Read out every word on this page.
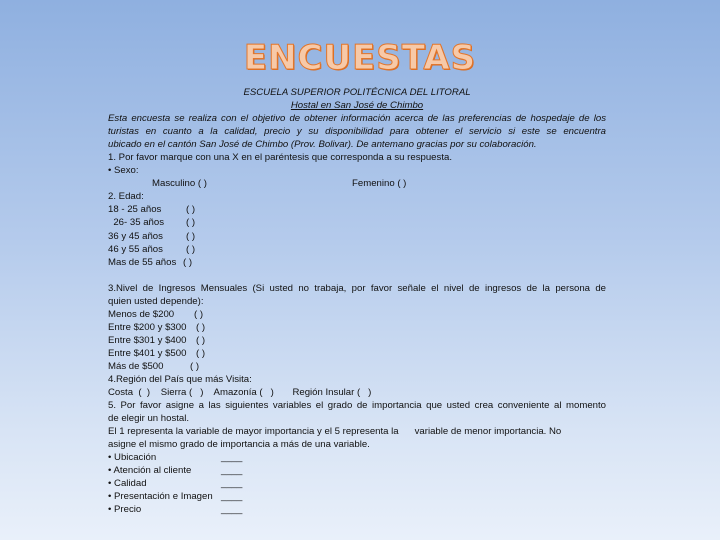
ENCUESTAS
ESCUELA SUPERIOR POLITÉCNICA DEL LITORAL
Hostal en San José de Chimbo
Esta encuesta se realiza con el objetivo de obtener información acerca de las preferencias de hospedaje de los
turistas en cuanto a la calidad, precio y su disponibilidad para obtener el servicio si este se encuentra
ubicado en el cantón San José de Chimbo (Prov. Bolivar). De antemano gracias por su colaboración.
1. Por favor marque con una X en el paréntesis que corresponda a su respuesta.
• Sexo:
Masculino ( )	Femenino ( )
2. Edad:
18 - 25 años	( )
26- 35 años ( )
36 y 45 años ( )
46 y 55 años ( )
Mas de 55 años ( )
3.Nivel de Ingresos Mensuales (Si usted no trabaja, por favor señale el nivel de ingresos de la persona de
quien usted depende):
Menos de $200 ( )
Entre $200 y $300 ( )
Entre $301 y $400 ( )
Entre $401 y $500 ( )
Más de $500	( )
4.Región del País que más Visita:
Costa  (  )    Sierra (   )    Amazonía (   )       Región Insular (   )
5. Por favor asigne a las siguientes variables el grado de importancia que usted crea conveniente al momento
de elegir un hostal.
El 1 representa la variable de mayor importancia y el 5 representa la      variable de menor importancia. No
asigne el mismo grado de importancia a más de una variable.
• Ubicación	____
• Atención al cliente	____
• Calidad	____
• Presentación e Imagen ____
• Precio	____
